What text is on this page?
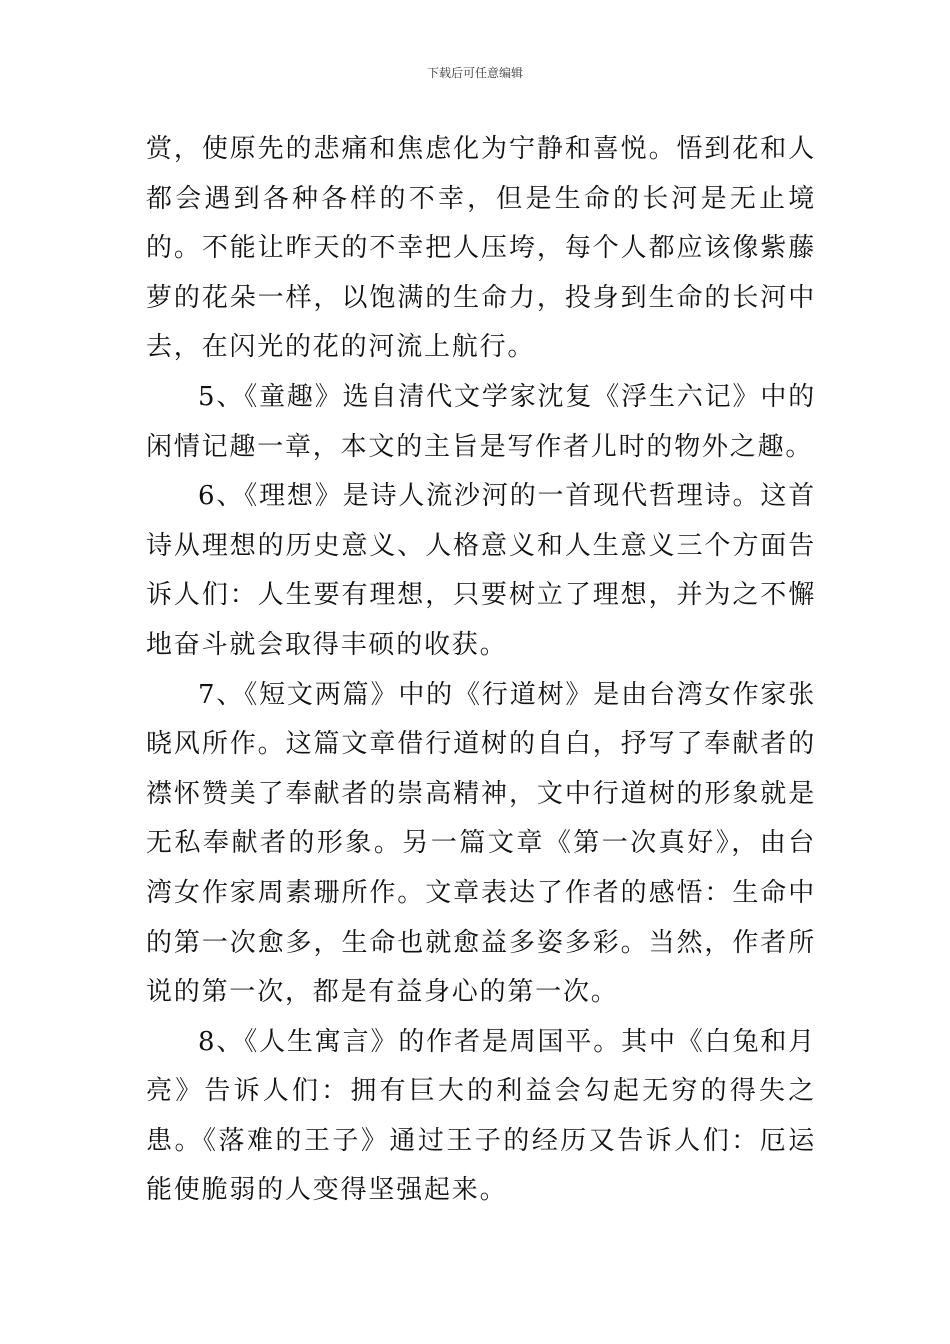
下载后可任意编辑

赏，使原先的悲痛和焦虑化为宁静和喜悦。悟到花和人都会遇到各种各样的不幸，但是生命的长河是无止境的。不能让昨天的不幸把人压垮，每个人都应该像紫藤萝的花朵一样，以饱满的生命力，投身到生命的长河中去，在闪光的花的河流上航行。

5、《童趣》选自清代文学家沈复《浮生六记》中的闲情记趣一章，本文的主旨是写作者儿时的物外之趣。

6、《理想》是诗人流沙河的一首现代哲理诗。这首诗从理想的历史意义、人格意义和人生意义三个方面告诉人们：人生要有理想，只要树立了理想，并为之不懈地奋斗就会取得丰硕的收获。

7、《短文两篇》中的《行道树》是由台湾女作家张晓风所作。这篇文章借行道树的自白，抒写了奉献者的襟怀赞美了奉献者的崇高精神，文中行道树的形象就是无私奉献者的形象。另一篇文章《第一次真好》，由台湾女作家周素珊所作。文章表达了作者的感悟：生命中的第一次愈多，生命也就愈益多姿多彩。当然，作者所说的第一次，都是有益身心的第一次。

8、《人生寓言》的作者是周国平。其中《白兔和月亮》告诉人们：拥有巨大的利益会勾起无穷的得失之患。《落难的王子》通过王子的经历又告诉人们：厄运能使脆弱的人变得坚强起来。
